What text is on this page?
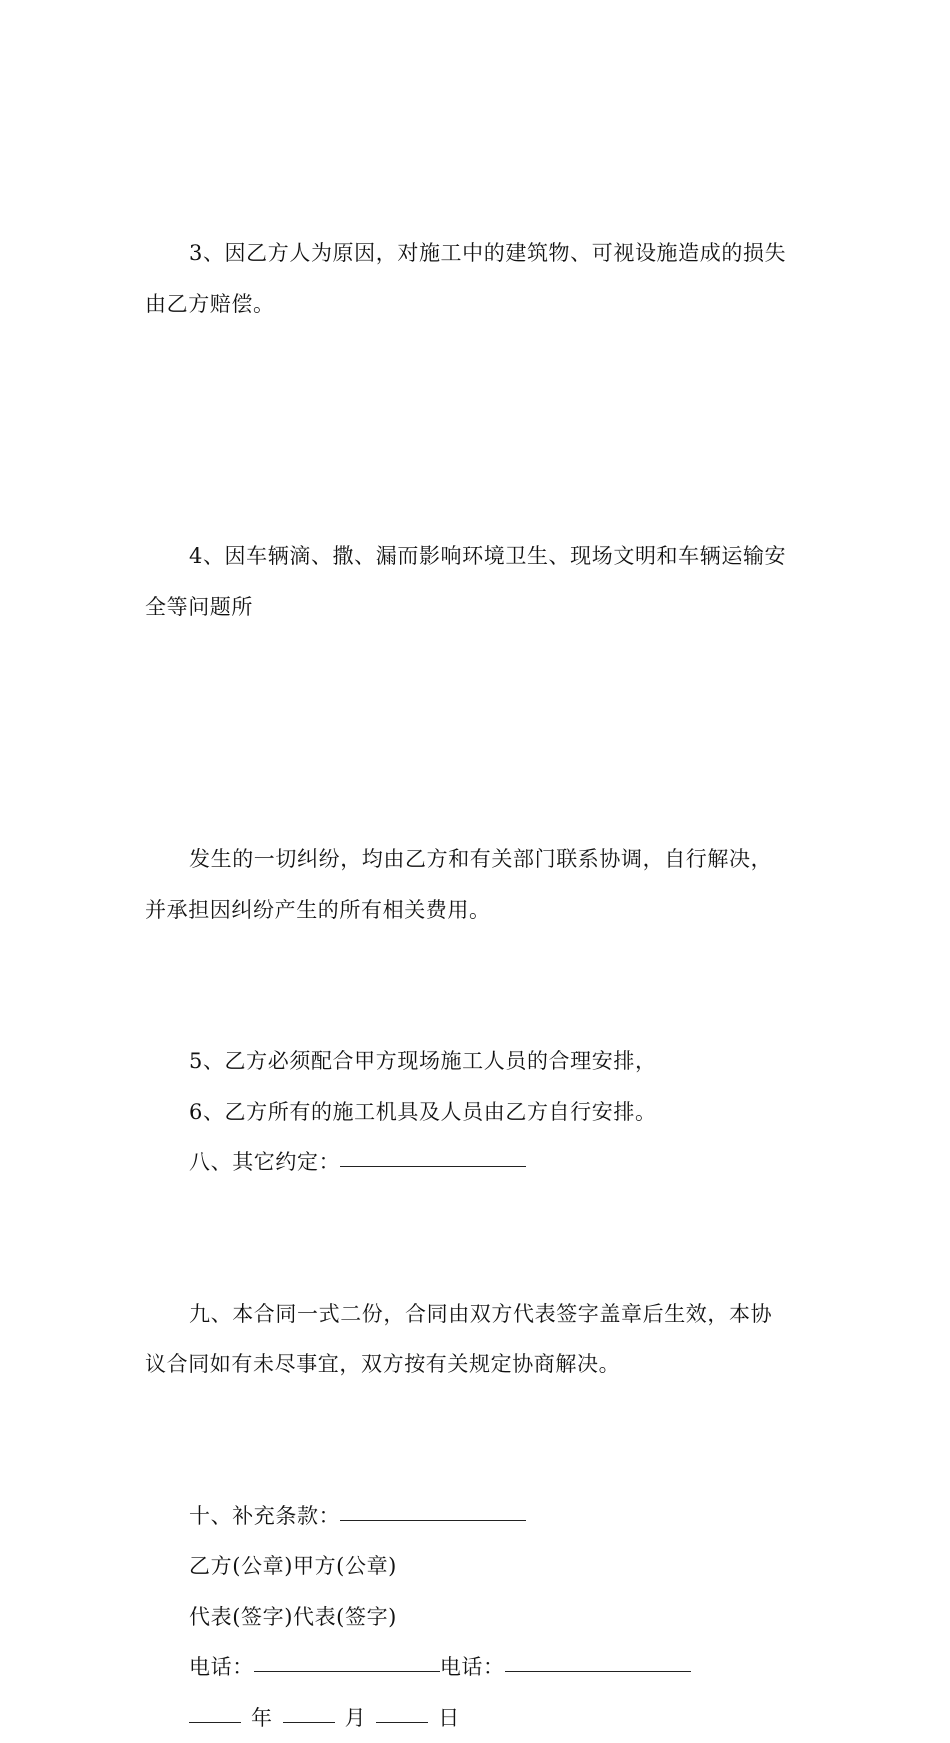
3、因乙方人为原因，对施工中的建筑物、可视设施造成的损失
由乙方赔偿。

4、因车辆滴、撒、漏而影响环境卫生、现场文明和车辆运输安
全等问题所

发生的一切纠纷，均由乙方和有关部门联系协调，自行解决，
并承担因纠纷产生的所有相关费用。

5、乙方必须配合甲方现场施工人员的合理安排，

6、乙方所有的施工机具及人员由乙方自行安排。

八、其它约定：

九、本合同一式二份，合同由双方代表签字盖章后生效，本协
议合同如有未尽事宜，双方按有关规定协商解决。

十、补充条款：

乙方(公章)甲方(公章)

代表(签字)代表(签字)

电话：	电话：

年	月	日
